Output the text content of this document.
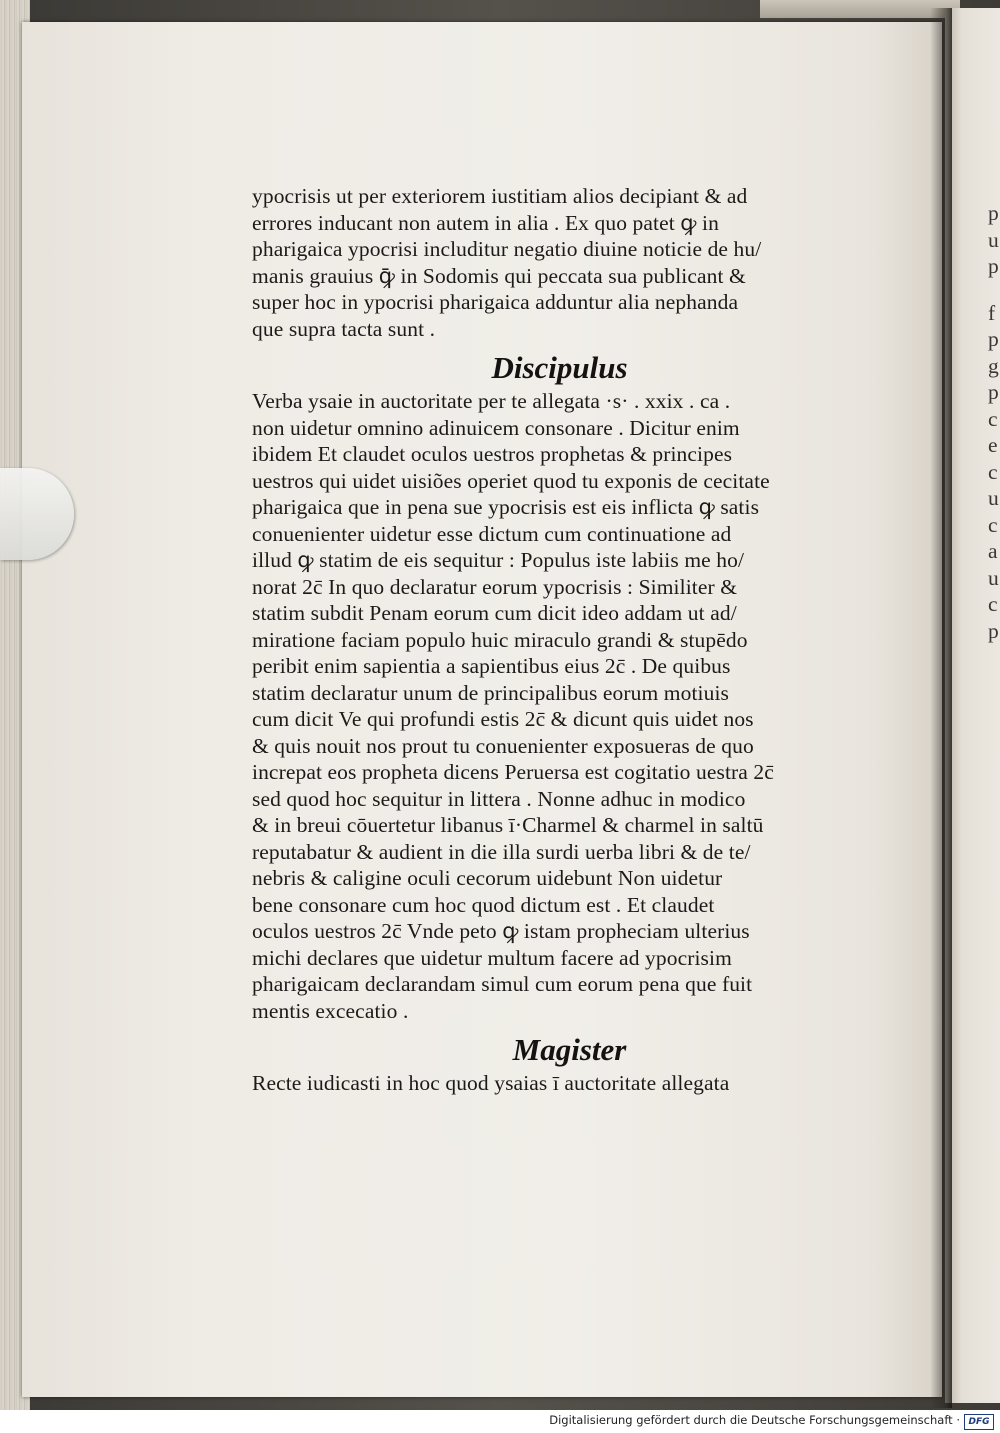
p
u
p
f
p
g
p
c
e
c
u
c
a
u
c
p
ypocrisis ut per exteriorem iustitiam alios decipiant & ad
errores inducant non autem in alia . Ex quo patet ꝙ in
pharigaica ypocrisi includitur negatio diuine noticie de hu/
manis grauius ꝙ̄ in Sodomis qui peccata sua publicant &
super hoc in ypocrisi pharigaica adduntur alia nephanda
que supra tacta sunt .
Discipulus
Verba ysaie in auctoritate per te allegata ·s· . xxix . ca .
non uidetur omnino adinuicem consonare . Dicitur enim
ibidem Et claudet oculos uestros prophetas & principes
uestros qui uidet uisiões operiet quod tu exponis de cecitate
pharigaica que in pena sue ypocrisis est eis inflicta ꝙ satis
conuenienter uidetur esse dictum cum continuatione ad
illud ꝙ statim de eis sequitur : Populus iste labiis me ho/
norat 2c̄ In quo declaratur eorum ypocrisis : Similiter &
statim subdit Penam eorum cum dicit ideo addam ut ad/
miratione faciam populo huic miraculo grandi & stupēdo
peribit enim sapientia a sapientibus eius 2c̄ . De quibus
statim declaratur unum de principalibus eorum motiuis
cum dicit Ve qui profundi estis 2c̄ & dicunt quis uidet nos
& quis nouit nos prout tu conuenienter exposueras de quo
increpat eos propheta dicens Peruersa est cogitatio uestra 2c̄
sed quod hoc sequitur in littera . Nonne adhuc in modico
& in breui cōuertetur libanus ī·Charmel & charmel in saltū
reputabatur & audient in die illa surdi uerba libri & de te/
nebris & caligine oculi cecorum uidebunt Non uidetur
bene consonare cum hoc quod dictum est . Et claudet
oculos uestros 2c̄ Vnde peto ꝙ istam propheciam ulterius
michi declares que uidetur multum facere ad ypocrisim
pharigaicam declarandam simul cum eorum pena que fuit
mentis excecatio .
Magister
Recte iudicasti in hoc quod ysaias ī auctoritate allegata
Digitalisierung gefördert durch die Deutsche Forschungsgemeinschaft · DFG
